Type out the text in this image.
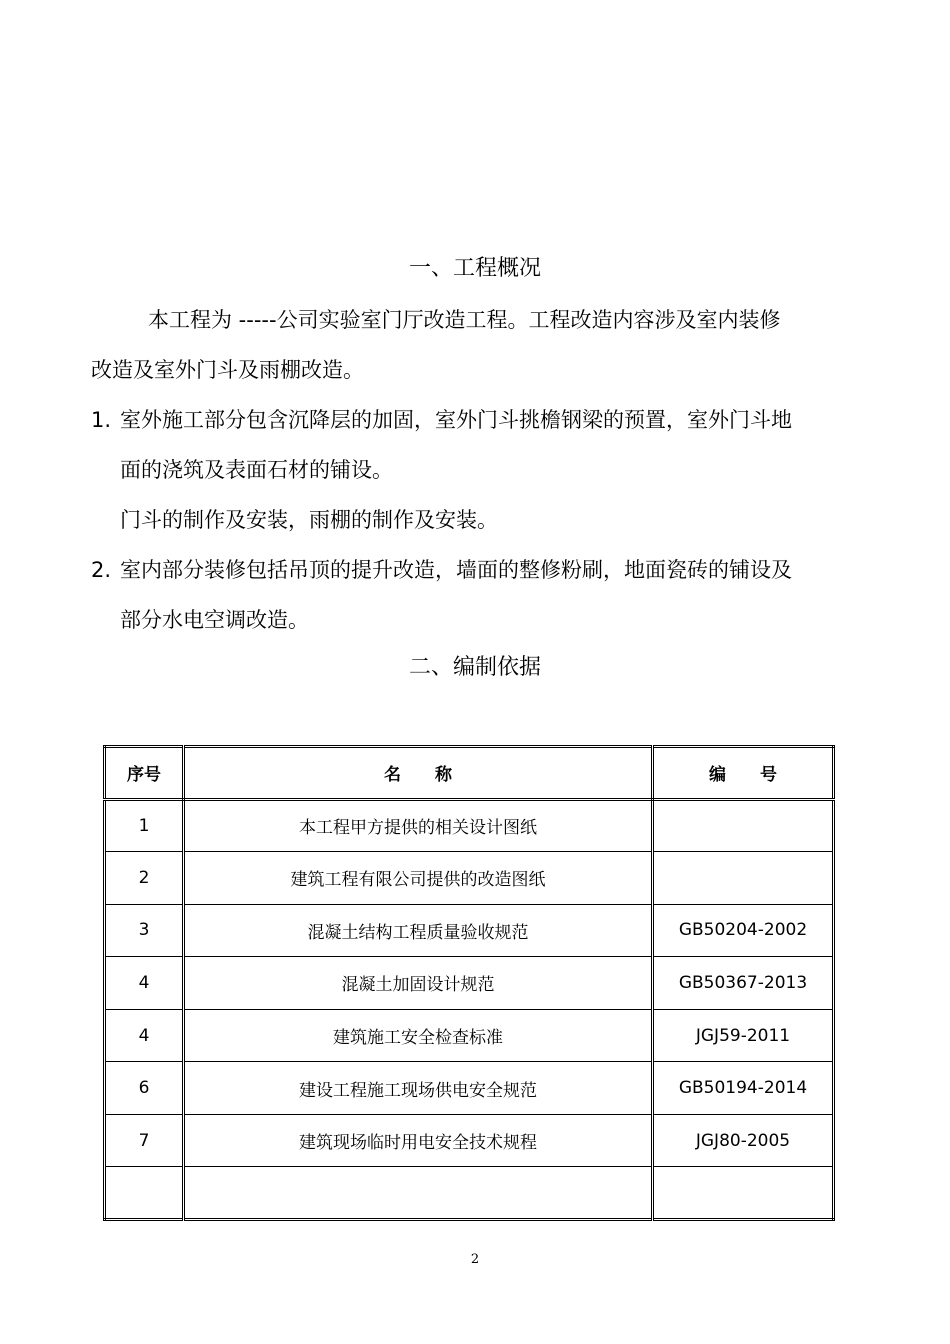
一、工程概况
本工程为 -----公司实验室门厅改造工程。工程改造内容涉及室内装修
改造及室外门斗及雨棚改造。
1. 室外施工部分包含沉降层的加固，室外门斗挑檐钢梁的预置，室外门斗地
面的浇筑及表面石材的铺设。
门斗的制作及安装，雨棚的制作及安装。
2. 室内部分装修包括吊顶的提升改造，墙面的整修粉刷，地面瓷砖的铺设及
部分水电空调改造。
二、编制依据
序号	名　　称	编　　号
1	本工程甲方提供的相关设计图纸	
2	建筑工程有限公司提供的改造图纸	
3	混凝土结构工程质量验收规范	GB50204-2002
4	混凝土加固设计规范	GB50367-2013
4	建筑施工安全检查标准	JGJ59-2011
6	建设工程施工现场供电安全规范	GB50194-2014
7	建筑现场临时用电安全技术规程	JGJ80-2005

2
